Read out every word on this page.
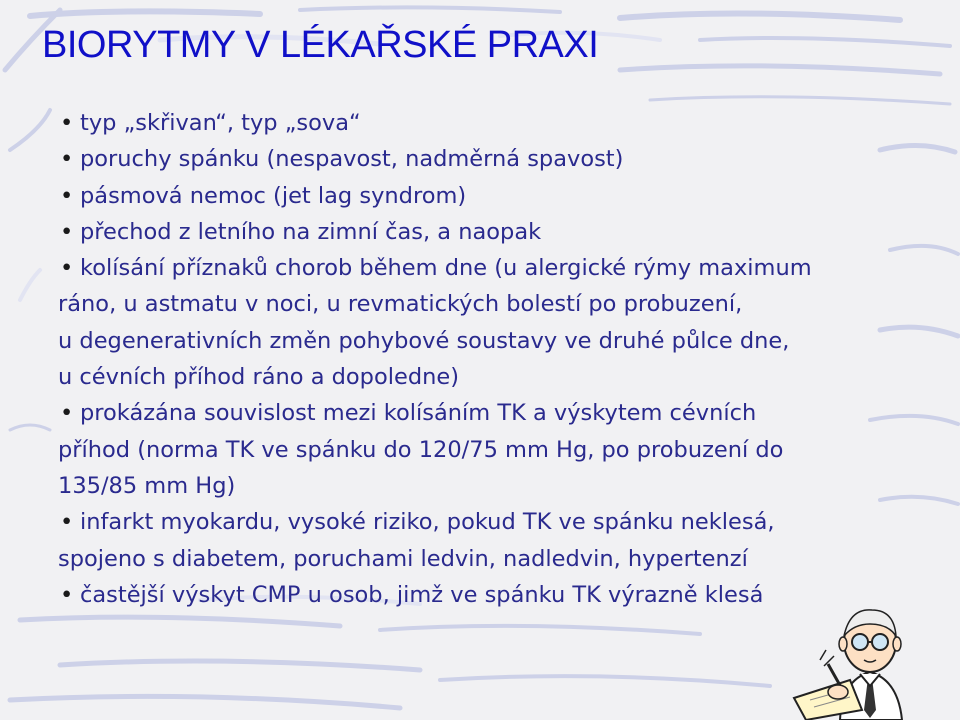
BIORYTMY V LÉKAŘSKÉ PRAXI

•typ „skřivan“, typ „sova“

•poruchy spánku (nespavost, nadměrná spavost)

•pásmová nemoc (jet lag syndrom)

•přechod z letního na zimní čas, a naopak

•kolísání příznaků chorob během dne (u alergické rýmy maximum

ráno, u astmatu v noci, u revmatických bolestí po probuzení,

u degenerativních změn pohybové soustavy ve druhé půlce dne,

u cévních příhod ráno a dopoledne)

•prokázána souvislost mezi kolísáním TK a výskytem cévních

příhod (norma TK ve spánku do 120/75 mm Hg, po probuzení do

135/85 mm Hg)

•infarkt myokardu, vysoké riziko, pokud TK ve spánku neklesá,

spojeno s diabetem, poruchami ledvin, nadledvin, hypertenzí

•častější výskyt CMP u osob, jimž ve spánku TK výrazně klesá
